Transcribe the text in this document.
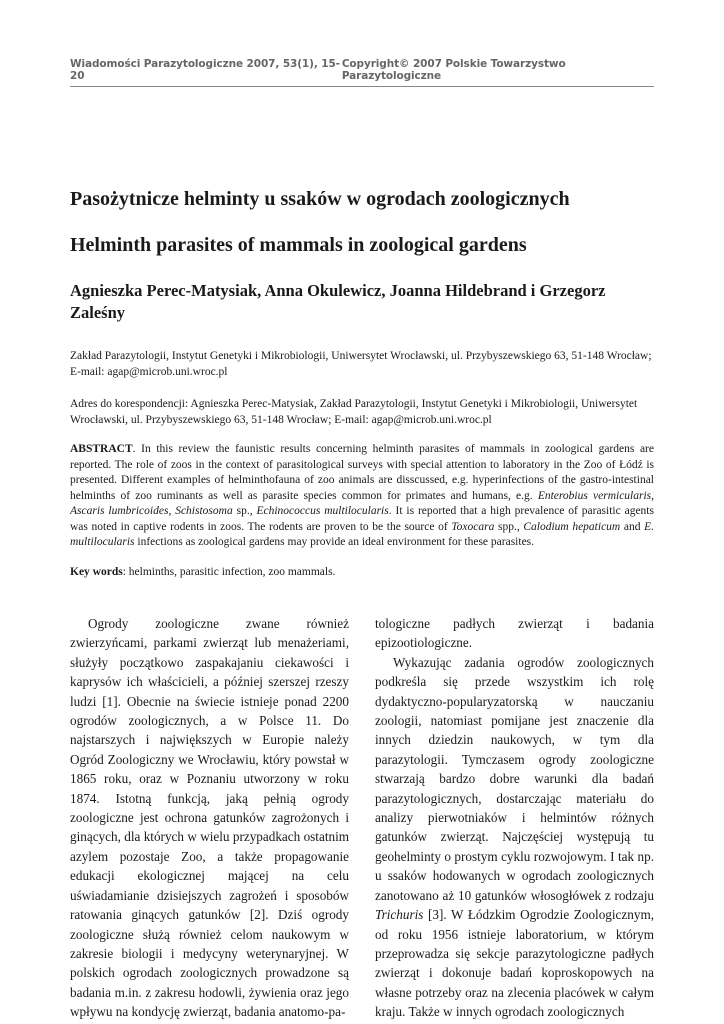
Wiadomości Parazytologiczne 2007, 53(1), 15-20
Copyright© 2007 Polskie Towarzystwo Parazytologiczne
Pasożytnicze helminty u ssaków w ogrodach zoologicznych
Helminth parasites of mammals in zoological gardens
Agnieszka Perec-Matysiak, Anna Okulewicz, Joanna Hildebrand i Grzegorz Zaleśny
Zakład Parazytologii, Instytut Genetyki i Mikrobiologii, Uniwersytet Wrocławski, ul. Przybyszewskiego 63, 51-148 Wrocław; E-mail: agap@microb.uni.wroc.pl
Adres do korespondencji: Agnieszka Perec-Matysiak, Zakład Parazytologii, Instytut Genetyki i Mikrobiologii, Uniwersytet Wrocławski, ul. Przybyszewskiego 63, 51-148 Wrocław; E-mail: agap@microb.uni.wroc.pl
ABSTRACT. In this review the faunistic results concerning helminth parasites of mammals in zoological gardens are reported. The role of zoos in the context of parasitological surveys with special attention to laboratory in the Zoo of Łódź is presented. Different examples of helminthofauna of zoo animals are disscussed, e.g. hyperinfections of the gastro-intestinal helminths of zoo ruminants as well as parasite species common for primates and humans, e.g. Enterobius vermicularis, Ascaris lumbricoides, Schistosoma sp., Echinococcus multilocularis. It is reported that a high prevalence of parasitic agents was noted in captive rodents in zoos. The rodents are proven to be the source of Toxocara spp., Calodium hepaticum and E. multilocularis infections as zoological gardens may provide an ideal environment for these parasites.
Key words: helminths, parasitic infection, zoo mammals.

Ogrody zoologiczne zwane również zwierzyńcami, parkami zwierząt lub menażeriami, służyły początkowo zaspakajaniu ciekawości i kaprysów ich właścicieli, a później szerszej rzeszy ludzi [1]. Obecnie na świecie istnieje ponad 2200 ogrodów zoologicznych, a w Polsce 11. Do najstarszych i największych w Europie należy Ogród Zoologiczny we Wrocławiu, który powstał w 1865 roku, oraz w Poznaniu utworzony w roku 1874. Istotną funkcją, jaką pełnią ogrody zoologiczne jest ochrona gatunków zagrożonych i ginących, dla których w wielu przypadkach ostatnim azylem pozostaje Zoo, a także propagowanie edukacji ekologicznej mającej na celu uświadamianie dzisiejszych zagrożeń i sposobów ratowania ginących gatunków [2]. Dziś ogrody zoologiczne służą również celom naukowym w zakresie biologii i medycyny weterynaryjnej. W polskich ogrodach zoologicznych prowadzone są badania m.in. z zakresu hodowli, żywienia oraz jego wpływu na kondycję zwierząt, badania anatomo-pa-

tologiczne padłych zwierząt i badania epizootiologiczne.

Wykazując zadania ogrodów zoologicznych podkreśla się przede wszystkim ich rolę dydaktyczno-popularyzatorską w nauczaniu zoologii, natomiast pomijane jest znaczenie dla innych dziedzin naukowych, w tym dla parazytologii. Tymczasem ogrody zoologiczne stwarzają bardzo dobre warunki dla badań parazytologicznych, dostarczając materiału do analizy pierwotniaków i helmintów różnych gatunków zwierząt. Najczęściej występują tu geohelminty o prostym cyklu rozwojowym. I tak np. u ssaków hodowanych w ogrodach zoologicznych zanotowano aż 10 gatunków włosogłówek z rodzaju Trichuris [3]. W Łódzkim Ogrodzie Zoologicznym, od roku 1956 istnieje laboratorium, w którym przeprowadza się sekcje parazytologiczne padłych zwierząt i dokonuje badań koproskopowych na własne potrzeby oraz na zlecenia placówek w całym kraju. Także w innych ogrodach zoologicznych
